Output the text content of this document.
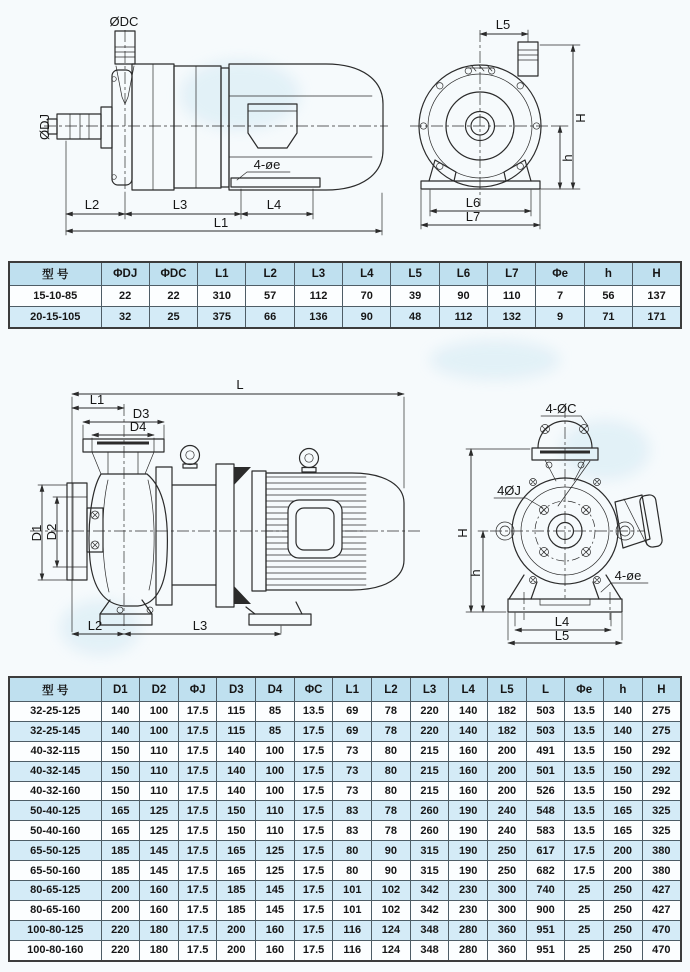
4-øe
L2	L3	L4
L1
ØDJ
ØDC	L5
H
h
L6
L7
型 号	ΦDJ	ΦDC	L1	L2	L3	L4	L5	L6	L7	Φe	h	H
15-10-85	22	22	310	57	112	70	39	90	110	7	56	137
20-15-105	32	25	375	66	136	90	48	112	132	9	71	171
L
L1
D3
D4
D1 D2
L2	L3
4-ØC
4ØJ
H
h	4-øe
L4
L5
型 号	D1	D2	ΦJ	D3	D4	ΦC	L1	L2	L3	L4	L5	L	Φe	h	H
32-25-125	140	100	17.5	115	85	13.5	69	78	220	140	182	503	13.5	140	275
32-25-145	140	100	17.5	115	85	17.5	69	78	220	140	182	503	13.5	140	275
40-32-115	150	110	17.5	140	100	17.5	73	80	215	160	200	491	13.5	150	292
40-32-145	150	110	17.5	140	100	17.5	73	80	215	160	200	501	13.5	150	292
40-32-160	150	110	17.5	140	100	17.5	73	80	215	160	200	526	13.5	150	292
50-40-125	165	125	17.5	150	110	17.5	83	78	260	190	240	548	13.5	165	325
50-40-160	165	125	17.5	150	110	17.5	83	78	260	190	240	583	13.5	165	325
65-50-125	185	145	17.5	165	125	17.5	80	90	315	190	250	617	17.5	200	380
65-50-160	185	145	17.5	165	125	17.5	80	90	315	190	250	682	17.5	200	380
80-65-125	200	160	17.5	185	145	17.5	101	102	342	230	300	740	25	250	427
80-65-160	200	160	17.5	185	145	17.5	101	102	342	230	300	900	25	250	427
100-80-125	220	180	17.5	200	160	17.5	116	124	348	280	360	951	25	250	470
100-80-160	220	180	17.5	200	160	17.5	116	124	348	280	360	951	25	250	470
